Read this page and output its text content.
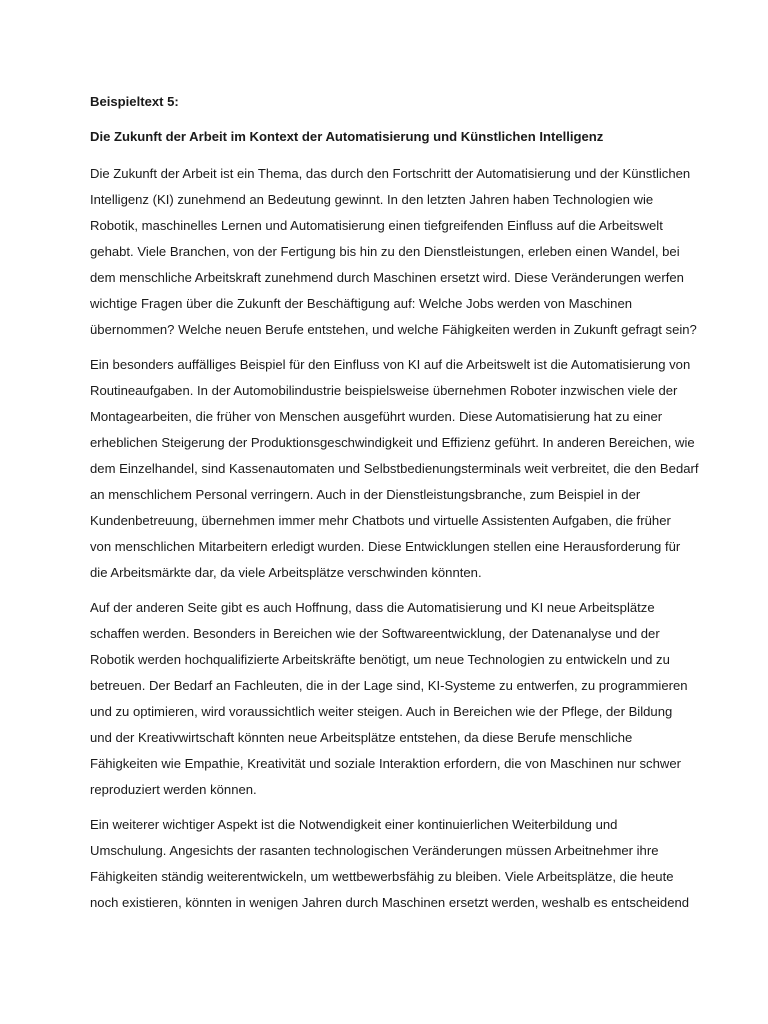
Beispieltext 5:

Die Zukunft der Arbeit im Kontext der Automatisierung und Künstlichen Intelligenz

Die Zukunft der Arbeit ist ein Thema, das durch den Fortschritt der Automatisierung und der Künstlichen
Intelligenz (KI) zunehmend an Bedeutung gewinnt. In den letzten Jahren haben Technologien wie
Robotik, maschinelles Lernen und Automatisierung einen tiefgreifenden Einfluss auf die Arbeitswelt
gehabt. Viele Branchen, von der Fertigung bis hin zu den Dienstleistungen, erleben einen Wandel, bei
dem menschliche Arbeitskraft zunehmend durch Maschinen ersetzt wird. Diese Veränderungen werfen
wichtige Fragen über die Zukunft der Beschäftigung auf: Welche Jobs werden von Maschinen
übernommen? Welche neuen Berufe entstehen, und welche Fähigkeiten werden in Zukunft gefragt sein?

Ein besonders auffälliges Beispiel für den Einfluss von KI auf die Arbeitswelt ist die Automatisierung von
Routineaufgaben. In der Automobilindustrie beispielsweise übernehmen Roboter inzwischen viele der
Montagearbeiten, die früher von Menschen ausgeführt wurden. Diese Automatisierung hat zu einer
erheblichen Steigerung der Produktionsgeschwindigkeit und Effizienz geführt. In anderen Bereichen, wie
dem Einzelhandel, sind Kassenautomaten und Selbstbedienungsterminals weit verbreitet, die den Bedarf
an menschlichem Personal verringern. Auch in der Dienstleistungsbranche, zum Beispiel in der
Kundenbetreuung, übernehmen immer mehr Chatbots und virtuelle Assistenten Aufgaben, die früher
von menschlichen Mitarbeitern erledigt wurden. Diese Entwicklungen stellen eine Herausforderung für
die Arbeitsmärkte dar, da viele Arbeitsplätze verschwinden könnten.

Auf der anderen Seite gibt es auch Hoffnung, dass die Automatisierung und KI neue Arbeitsplätze
schaffen werden. Besonders in Bereichen wie der Softwareentwicklung, der Datenanalyse und der
Robotik werden hochqualifizierte Arbeitskräfte benötigt, um neue Technologien zu entwickeln und zu
betreuen. Der Bedarf an Fachleuten, die in der Lage sind, KI-Systeme zu entwerfen, zu programmieren
und zu optimieren, wird voraussichtlich weiter steigen. Auch in Bereichen wie der Pflege, der Bildung
und der Kreativwirtschaft könnten neue Arbeitsplätze entstehen, da diese Berufe menschliche
Fähigkeiten wie Empathie, Kreativität und soziale Interaktion erfordern, die von Maschinen nur schwer
reproduziert werden können.

Ein weiterer wichtiger Aspekt ist die Notwendigkeit einer kontinuierlichen Weiterbildung und
Umschulung. Angesichts der rasanten technologischen Veränderungen müssen Arbeitnehmer ihre
Fähigkeiten ständig weiterentwickeln, um wettbewerbsfähig zu bleiben. Viele Arbeitsplätze, die heute
noch existieren, könnten in wenigen Jahren durch Maschinen ersetzt werden, weshalb es entscheidend
